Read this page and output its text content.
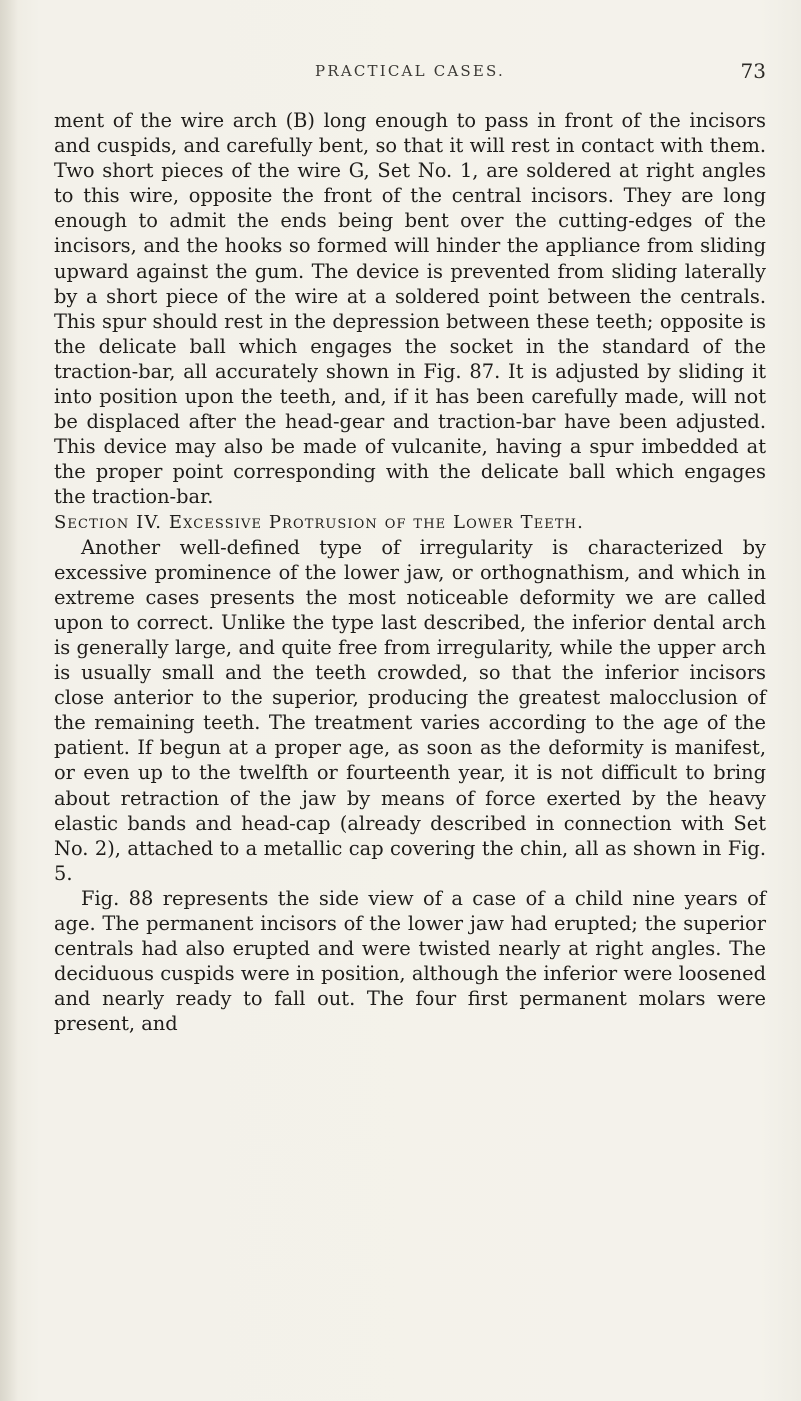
PRACTICAL CASES.	73

ment of the wire arch (B) long enough to pass in front of the incisors and cuspids, and carefully bent, so that it will rest in contact with them. Two short pieces of the wire G, Set No. 1, are soldered at right angles to this wire, opposite the front of the central incisors. They are long enough to admit the ends being bent over the cutting-edges of the incisors, and the hooks so formed will hinder the appliance from sliding upward against the gum. The device is prevented from sliding laterally by a short piece of the wire at a soldered point between the centrals. This spur should rest in the depression between these teeth; opposite is the delicate ball which engages the socket in the standard of the traction-bar, all accurately shown in Fig. 87. It is adjusted by sliding it into position upon the teeth, and, if it has been carefully made, will not be displaced after the head-gear and traction-bar have been adjusted. This device may also be made of vulcanite, having a spur imbedded at the proper point corresponding with the delicate ball which engages the traction-bar.

Section IV. Excessive Protrusion of the Lower Teeth.

Another well-defined type of irregularity is characterized by excessive prominence of the lower jaw, or orthognathism, and which in extreme cases presents the most noticeable deformity we are called upon to correct. Unlike the type last described, the inferior dental arch is generally large, and quite free from irregularity, while the upper arch is usually small and the teeth crowded, so that the inferior incisors close anterior to the superior, producing the greatest malocclusion of the remaining teeth. The treatment varies according to the age of the patient. If begun at a proper age, as soon as the deformity is manifest, or even up to the twelfth or fourteenth year, it is not difficult to bring about retraction of the jaw by means of force exerted by the heavy elastic bands and head-cap (already described in connection with Set No. 2), attached to a metallic cap covering the chin, all as shown in Fig. 5.

Fig. 88 represents the side view of a case of a child nine years of age. The permanent incisors of the lower jaw had erupted; the superior centrals had also erupted and were twisted nearly at right angles. The deciduous cuspids were in position, although the inferior were loosened and nearly ready to fall out. The four first permanent molars were present, and
